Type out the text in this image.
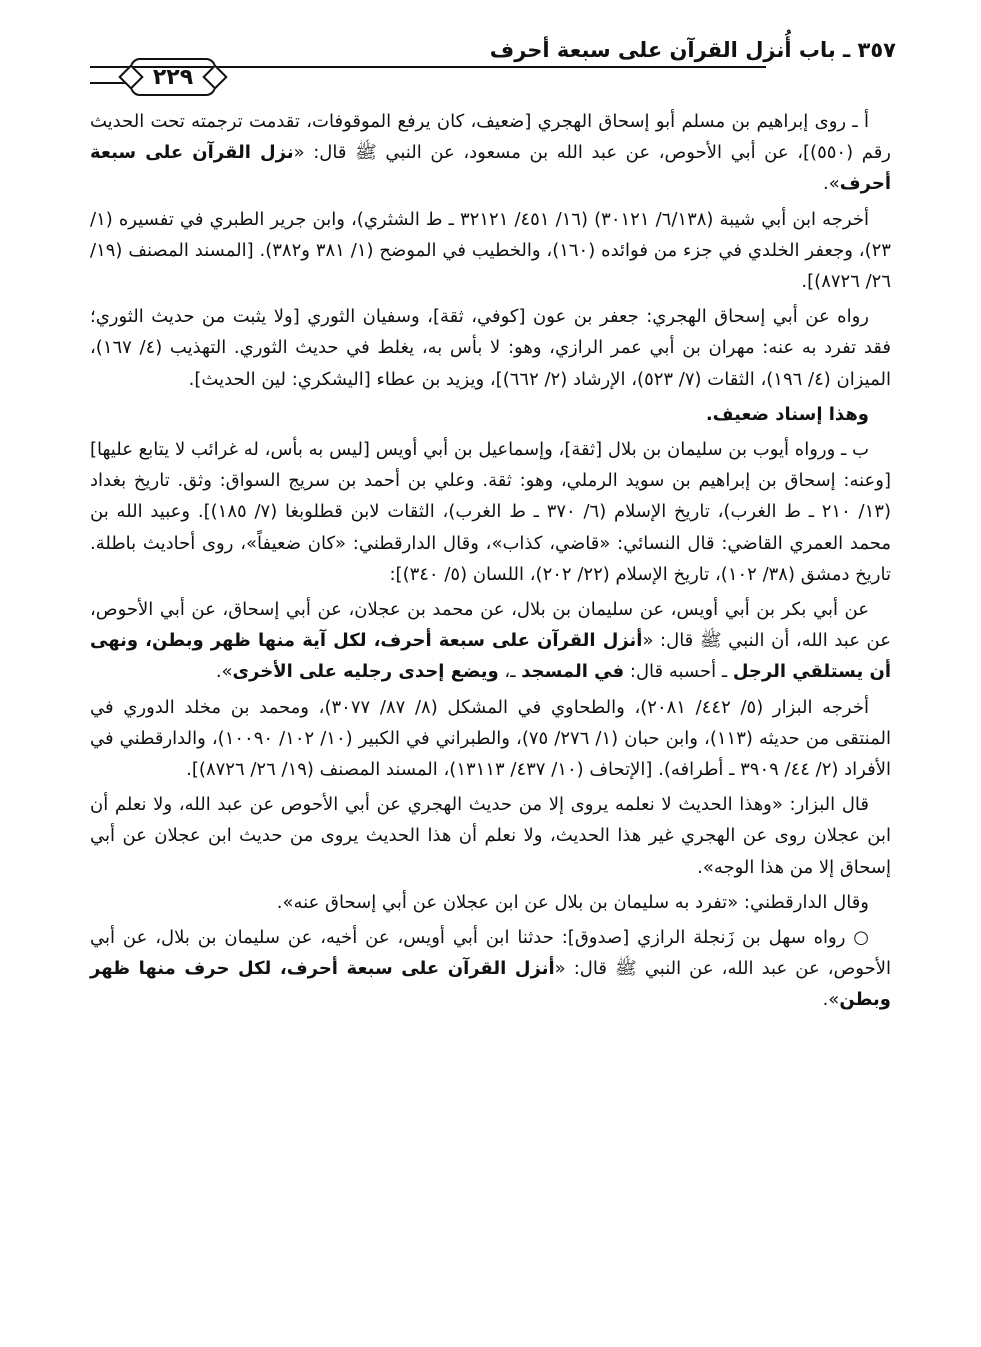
٣٥٧ ـ باب أُنزل القرآن على سبعة أحرف
٢٢٩

أ ـ روى إبراهيم بن مسلم أبو إسحاق الهجري [ضعيف، كان يرفع الموقوفات، تقدمت ترجمته تحت الحديث رقم (٥٥٠)]، عن أبي الأحوص، عن عبد الله بن مسعود، عن النبي ﷺ قال: «نزل القرآن على سبعة أحرف».

أخرجه ابن أبي شيبة (٦/١٣٨/ ٣٠١٢١) (١٦/ ٤٥١/ ٣٢١٢١ ـ ط الشثري)، وابن جرير الطبري في تفسيره (١/ ٢٣)، وجعفر الخلدي في جزء من فوائده (١٦٠)، والخطيب في الموضح (١/ ٣٨١ و٣٨٢). [المسند المصنف (١٩/ ٢٦/ ٨٧٢٦)].

رواه عن أبي إسحاق الهجري: جعفر بن عون [كوفي، ثقة]، وسفيان الثوري [ولا يثبت من حديث الثوري؛ فقد تفرد به عنه: مهران بن أبي عمر الرازي، وهو: لا بأس به، يغلط في حديث الثوري. التهذيب (٤/ ١٦٧)، الميزان (٤/ ١٩٦)، الثقات (٧/ ٥٢٣)، الإرشاد (٢/ ٦٦٢)]، ويزيد بن عطاء [اليشكري: لين الحديث].

وهذا إسناد ضعيف.

ب ـ ورواه أيوب بن سليمان بن بلال [ثقة]، وإسماعيل بن أبي أويس [ليس به بأس، له غرائب لا يتابع عليها] [وعنه: إسحاق بن إبراهيم بن سويد الرملي، وهو: ثقة. وعلي بن أحمد بن سريج السواق: وثق. تاريخ بغداد (١٣/ ٢١٠ ـ ط الغرب)، تاريخ الإسلام (٦/ ٣٧٠ ـ ط الغرب)، الثقات لابن قطلوبغا (٧/ ١٨٥)]. وعبيد الله بن محمد العمري القاضي: قال النسائي: «قاضي، كذاب»، وقال الدارقطني: «كان ضعيفاً»، روى أحاديث باطلة. تاريخ دمشق (٣٨/ ١٠٢)، تاريخ الإسلام (٢٢/ ٢٠٢)، اللسان (٥/ ٣٤٠)]:

عن أبي بكر بن أبي أويس، عن سليمان بن بلال، عن محمد بن عجلان، عن أبي إسحاق، عن أبي الأحوص، عن عبد الله، أن النبي ﷺ قال: «أنزل القرآن على سبعة أحرف، لكل آية منها ظهر وبطن، ونهى أن يستلقي الرجل ـ أحسبه قال: في المسجد ـ، ويضع إحدى رجليه على الأخرى».

أخرجه البزار (٥/ ٤٤٢/ ٢٠٨١)، والطحاوي في المشكل (٨/ ٨٧/ ٣٠٧٧)، ومحمد بن مخلد الدوري في المنتقى من حديثه (١١٣)، وابن حبان (١/ ٢٧٦/ ٧٥)، والطبراني في الكبير (١٠/ ١٠٢/ ١٠٠٩٠)، والدارقطني في الأفراد (٢/ ٤٤/ ٣٩٠٩ ـ أطرافه). [الإتحاف (١٠/ ٤٣٧/ ١٣١١٣)، المسند المصنف (١٩/ ٢٦/ ٨٧٢٦)].

قال البزار: «وهذا الحديث لا نعلمه يروى إلا من حديث الهجري عن أبي الأحوص عن عبد الله، ولا نعلم أن ابن عجلان روى عن الهجري غير هذا الحديث، ولا نعلم أن هذا الحديث يروى من حديث ابن عجلان عن أبي إسحاق إلا من هذا الوجه».

وقال الدارقطني: «تفرد به سليمان بن بلال عن ابن عجلان عن أبي إسحاق عنه».

○ رواه سهل بن زَنجلة الرازي [صدوق]: حدثنا ابن أبي أويس، عن أخيه، عن سليمان بن بلال، عن أبي الأحوص، عن عبد الله، عن النبي ﷺ قال: «أنزل القرآن على سبعة أحرف، لكل حرف منها ظهر وبطن».
